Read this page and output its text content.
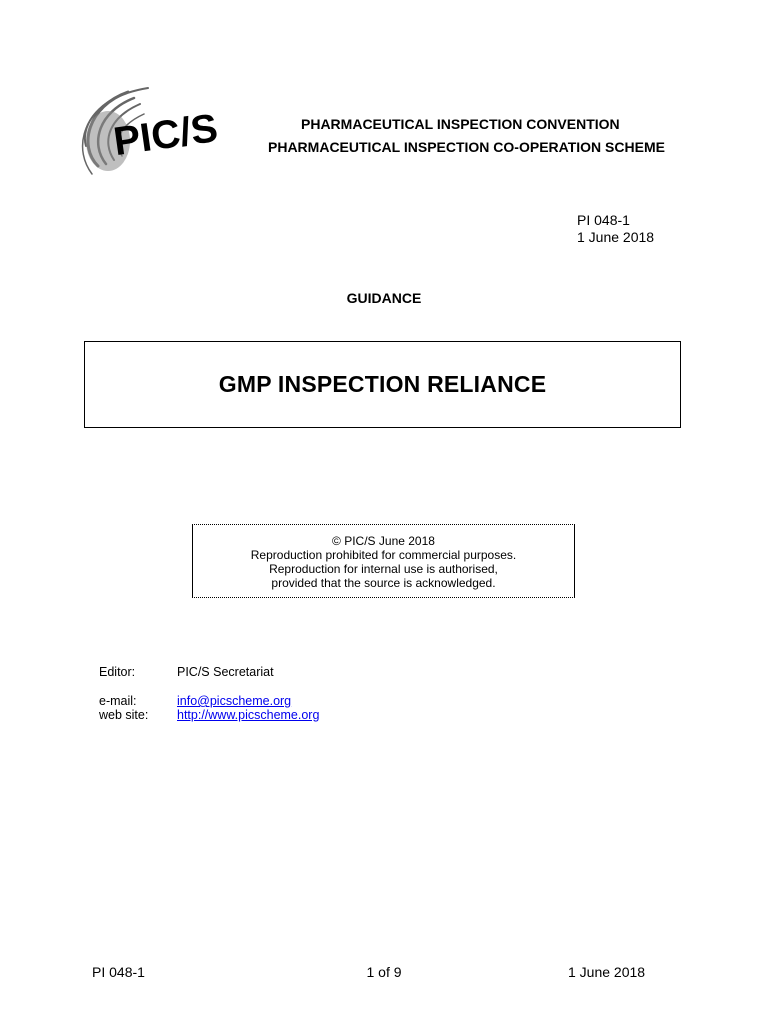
PIC/S	PHARMACEUTICAL INSPECTION CONVENTION
PHARMACEUTICAL INSPECTION CO-OPERATION SCHEME
PI 048-1
1 June 2018
GUIDANCE
GMP INSPECTION RELIANCE
© PIC/S June 2018
Reproduction prohibited for commercial purposes.
Reproduction for internal use is authorised,
provided that the source is acknowledged.
Editor:	PIC/S Secretariat
e-mail:	info@picscheme.org
web site: http://www.picscheme.org
PI 048-1	1 of 9	1 June 2018
